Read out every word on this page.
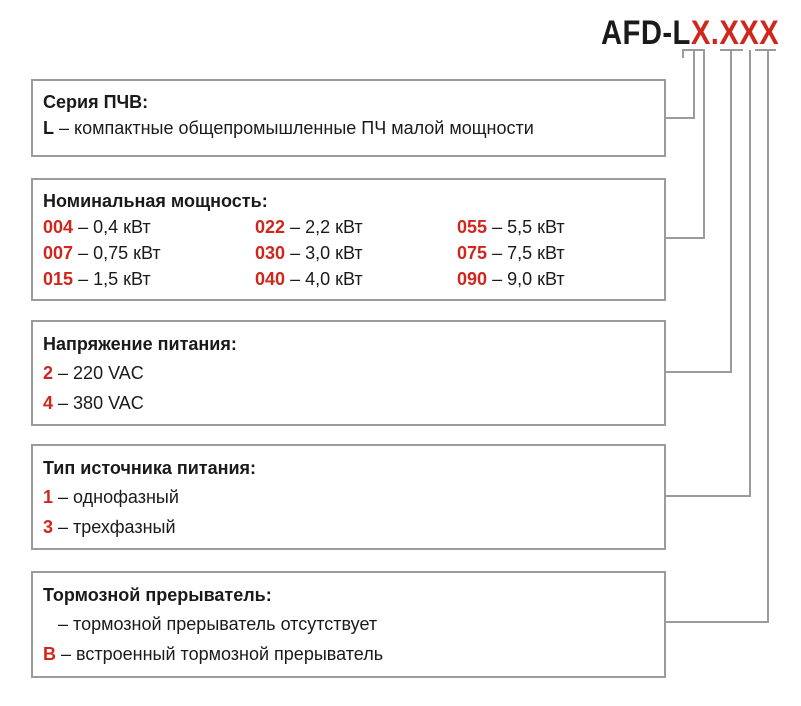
AFD-LX.XXX
Серия ПЧВ:
L – компактные общепромышленные ПЧ малой мощности
Номинальная мощность:
004 – 0,4 кВт	022 – 2,2 кВт	055 – 5,5 кВт
007 – 0,75 кВт	030 – 3,0 кВт	075 – 7,5 кВт
015 – 1,5 кВт	040 – 4,0 кВт	090 – 9,0 кВт
Напряжение питания:
2 – 220 VAC
4 – 380 VAC
Тип источника питания:
1 – однофазный
3 – трехфазный
Тормозной прерыватель:
– тормозной прерыватель отсутствует
B – встроенный тормозной прерыватель
